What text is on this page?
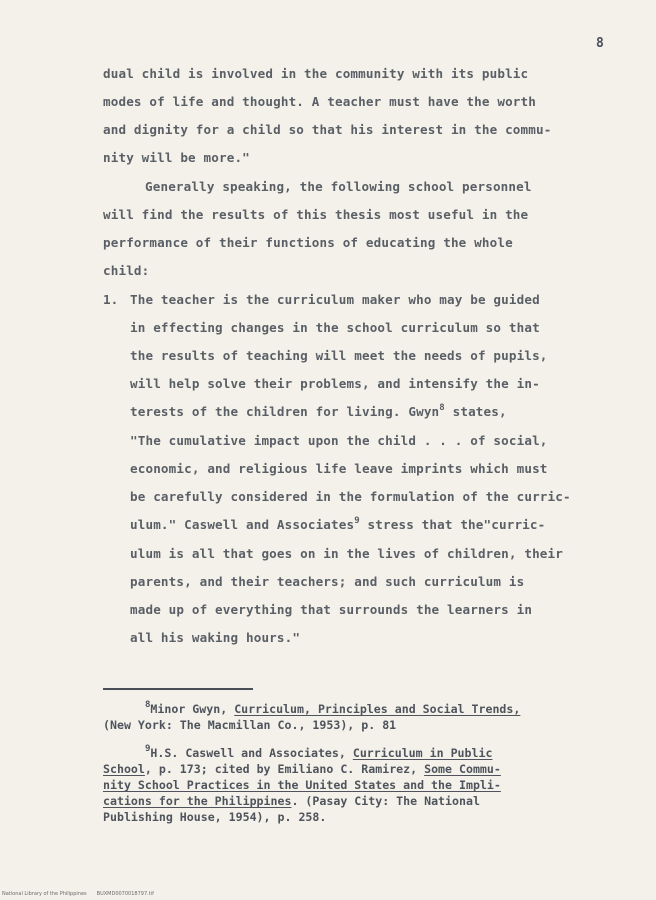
8
dual child is involved in the community with its public
modes of life and thought. A teacher must have the worth
and dignity for a child so that his interest in the commu-
nity will be more."
Generally speaking, the following school personnel
will find the results of this thesis most useful in the
performance of their functions of educating the whole
child:
1. The teacher is the curriculum maker who may be guided
in effecting changes in the school curriculum so that
the results of teaching will meet the needs of pupils,
will help solve their problems, and intensify the in-
terests of the children for living. Gwyn$^8$ states,
"The cumulative impact upon the child . . . of social,
economic, and religious life leave imprints which must
be carefully considered in the formulation of the curric-
ulum." Caswell and Associates$^9$ stress that the"curric-
ulum is all that goes on in the lives of children, their
parents, and their teachers; and such curriculum is
made up of everything that surrounds the learners in
all his waking hours."
$^8$Minor Gwyn, Curriculum, Principles and Social Trends,
(New York: The Macmillan Co., 1953), p. 81
$^9$H.S. Caswell and Associates, Curriculum in Public
School, p. 173; cited by Emiliano C. Ramirez, Some Commu-
nity School Practices in the United States and the Impli-
cations for the Philippines. (Pasay City: The National
Publishing House, 1954), p. 258.
National Library of the Philippines BUXMD0070018797.tif
